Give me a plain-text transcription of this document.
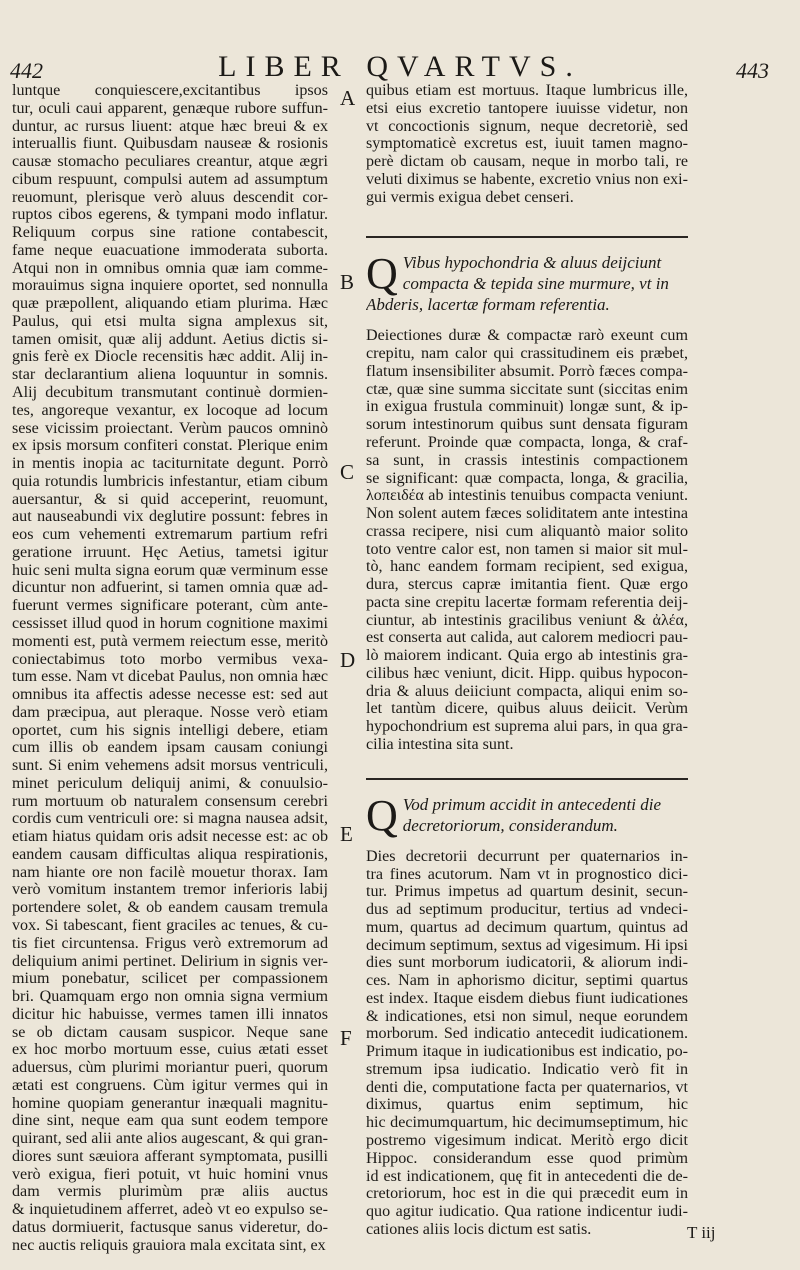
442	LIBER QVARTVS.	443
luntque conquiescere,excitantibus ipsos
tur, oculi caui apparent, genæque rubore suffun-
duntur, ac rursus liuent: atque hæc breui & ex
interuallis fiunt. Quibusdam nauseæ & rosionis
causæ stomacho peculiares creantur, atque ægri
cibum respuunt, compulsi autem ad assumptum
reuomunt, plerisque verò aluus descendit cor-
ruptos cibos egerens, & tympani modo inflatur.
Reliquum corpus sine ratione contabescit,
fame neque euacuatione immoderata suborta.
Atqui non in omnibus omnia quæ iam comme-
morauimus signa inquiere oportet, sed nonnulla
quæ præpollent, aliquando etiam plurima. Hæc
Paulus, qui etsi multa signa amplexus sit,
tamen omisit, quæ alij addunt. Aetius dictis si-
gnis ferè ex Diocle recensitis hæc addit. Alij in-
star declarantium aliena loquuntur in somnis.
Alij decubitum transmutant continuè dormien-
tes, angoreque vexantur, ex locoque ad locum
sese vicissim proiectant. Verùm paucos omninò
ex ipsis morsum confiteri constat. Plerique enim
in mentis inopia ac taciturnitate degunt. Porrò
quia rotundis lumbricis infestantur, etiam cibum
auersantur, & si quid acceperint, reuomunt,
aut nauseabundi vix deglutire possunt: febres in
eos cum vehementi extremarum partium refri
geratione irruunt. Hęc Aetius, tametsi igitur
huic seni multa signa eorum quæ verminum esse
dicuntur non adfuerint, si tamen omnia quæ ad-
fuerunt vermes significare poterant, cùm ante-
cessisset illud quod in horum cognitione maximi
momenti est, putà vermem reiectum esse, meritò
coniectabimus toto morbo vermibus vexa-
tum esse. Nam vt dicebat Paulus, non omnia hæc
omnibus ita affectis adesse necesse est: sed aut
dam præcipua, aut pleraque. Nosse verò etiam
oportet, cum his signis intelligi debere, etiam
cum illis ob eandem ipsam causam coniungi
sunt. Si enim vehemens adsit morsus ventriculi,
minet periculum deliquij animi, & conuulsio-
rum mortuum ob naturalem consensum cerebri
cordis cum ventriculi ore: si magna nausea adsit,
etiam hiatus quidam oris adsit necesse est: ac ob
eandem causam difficultas aliqua respirationis,
nam hiante ore non facilè mouetur thorax. Iam
verò vomitum instantem tremor inferioris labij
portendere solet, & ob eandem causam tremula
vox. Si tabescant, fient graciles ac tenues, & cu-
tis fiet circuntensa. Frigus verò extremorum ad
deliquium animi pertinet. Delirium in signis ver-
mium ponebatur, scilicet per compassionem
bri. Quamquam ergo non omnia signa vermium
dicitur hic habuisse, vermes tamen illi innatos
se ob dictam causam suspicor. Neque sane
ex hoc morbo mortuum esse, cuius ætati esset
aduersus, cùm plurimi moriantur pueri, quorum
ætati est congruens. Cùm igitur vermes qui in
homine quopiam generantur inæquali magnitu-
dine sint, neque eam qua sunt eodem tempore
quirant, sed alii ante alios augescant, & qui gran-
diores sunt sæuiora afferant symptomata, pusilli
verò exigua, fieri potuit, vt huic homini vnus
dam vermis plurimùm præ aliis auctus
& inquietudinem afferret, adeò vt eo expulso se-
datus dormiuerit, factusque sanus videretur, do-
nec auctis reliquis grauiora mala excitata sint, ex
quibus etiam est mortuus. Itaque lumbricus ille,
etsi eius excretio tantopere iuuisse videtur, non
vt concoctionis signum, neque decretoriè, sed
symptomaticè excretus est, iuuit tamen magno-
perè dictam ob causam, neque in morbo tali, re
veluti diximus se habente, excretio vnius non exi-
gui vermis exigua debet censeri.
Q Vibus hypochondria & aluus deijciunt
compacta & tepida sine murmure, vt in
Abderis, lacertæ formam referentia.
Deiectiones duræ & compactæ rarò exeunt cum
crepitu, nam calor qui crassitudinem eis præbet,
flatum insensibiliter absumit. Porrò fæces compa-
ctæ, quæ sine summa siccitate sunt (siccitas enim
in exigua frustula comminuit) longæ sunt, & ip-
sorum intestinorum quibus sunt densata figuram
referunt. Proinde quæ compacta, longa, & craf-
sa sunt, in crassis intestinis compactionem
se significant: quæ compacta, longa, & gracilia,
λοπειδέα ab intestinis tenuibus compacta veniunt.
Non solent autem fæces soliditatem ante intestina
crassa recipere, nisi cum aliquantò maior solito
toto ventre calor est, non tamen si maior sit mul-
tò, hanc eandem formam recipient, sed exigua,
dura, stercus capræ imitantia fient. Quæ ergo
pacta sine crepitu lacertæ formam referentia deij-
ciuntur, ab intestinis gracilibus veniunt & ἀλέα,
est conserta aut calida, aut calorem mediocri pau-
lò maiorem indicant. Quia ergo ab intestinis gra-
cilibus hæc veniunt, dicit. Hipp. quibus hypocon-
dria & aluus deiiciunt compacta, aliqui enim so-
let tantùm dicere, quibus aluus deiicit. Verùm
hypochondrium est suprema alui pars, in qua gra-
cilia intestina sita sunt.
Q Vod primum accidit in antecedenti die
decretoriorum, considerandum.
Dies decretorii decurrunt per quaternarios in-
tra fines acutorum. Nam vt in prognostico dici-
tur. Primus impetus ad quartum desinit, secun-
dus ad septimum producitur, tertius ad vndeci-
mum, quartus ad decimum quartum, quintus ad
decimum septimum, sextus ad vigesimum. Hi ipsi
dies sunt morborum iudicatorii, & aliorum indi-
ces. Nam in aphorismo dicitur, septimi quartus
est index. Itaque eisdem diebus fiunt iudicationes
& indicationes, etsi non simul, neque eorundem
morborum. Sed indicatio antecedit iudicationem.
Primum itaque in iudicationibus est indicatio, po-
stremum ipsa iudicatio. Indicatio verò fit in
denti die, computatione facta per quaternarios, vt
diximus, quartus enim septimum, hic
hic decimumquartum, hic decimumseptimum, hic
postremo vigesimum indicat. Meritò ergo dicit
Hippoc. considerandum esse quod primùm
id est indicationem, quę fit in antecedenti die de-
cretoriorum, hoc est in die qui præcedit eum in
quo agitur iudicatio. Qua ratione indicentur iudi-
cationes aliis locis dictum est satis.
A
B
C
D
E
F
T iij
